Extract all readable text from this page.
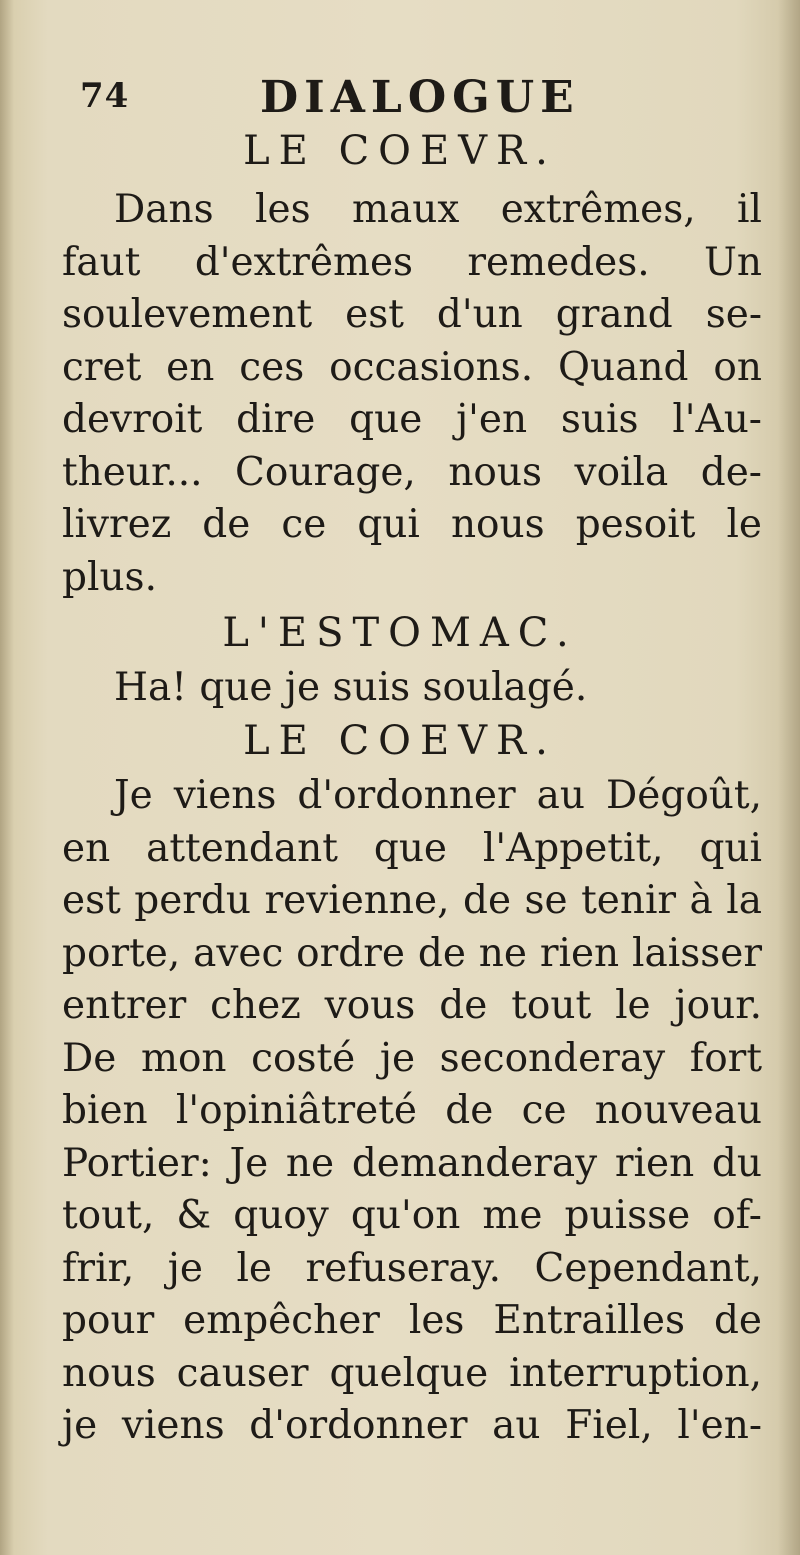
74	DIALOGUE
LE COEVR.
Dans les maux extrêmes, il
faut d'extrêmes remedes. Un
soulevement est d'un grand se-
cret en ces occasions. Quand on
devroit dire que j'en suis l'Au-
theur... Courage, nous voila de-
livrez de ce qui nous pesoit le
plus.
L'ESTOMAC.
Ha! que je suis soulagé.
LE COEVR.
Je viens d'ordonner au Dégoût,
en attendant que l'Appetit, qui
est perdu revienne, de se tenir à la
porte, avec ordre de ne rien laisser
entrer chez vous de tout le jour.
De mon costé je seconderay fort
bien l'opiniâtreté de ce nouveau
Portier: Je ne demanderay rien du
tout, & quoy qu'on me puisse of-
frir, je le refuseray. Cependant,
pour empêcher les Entrailles de
nous causer quelque interruption,
je viens d'ordonner au Fiel, l'en-
